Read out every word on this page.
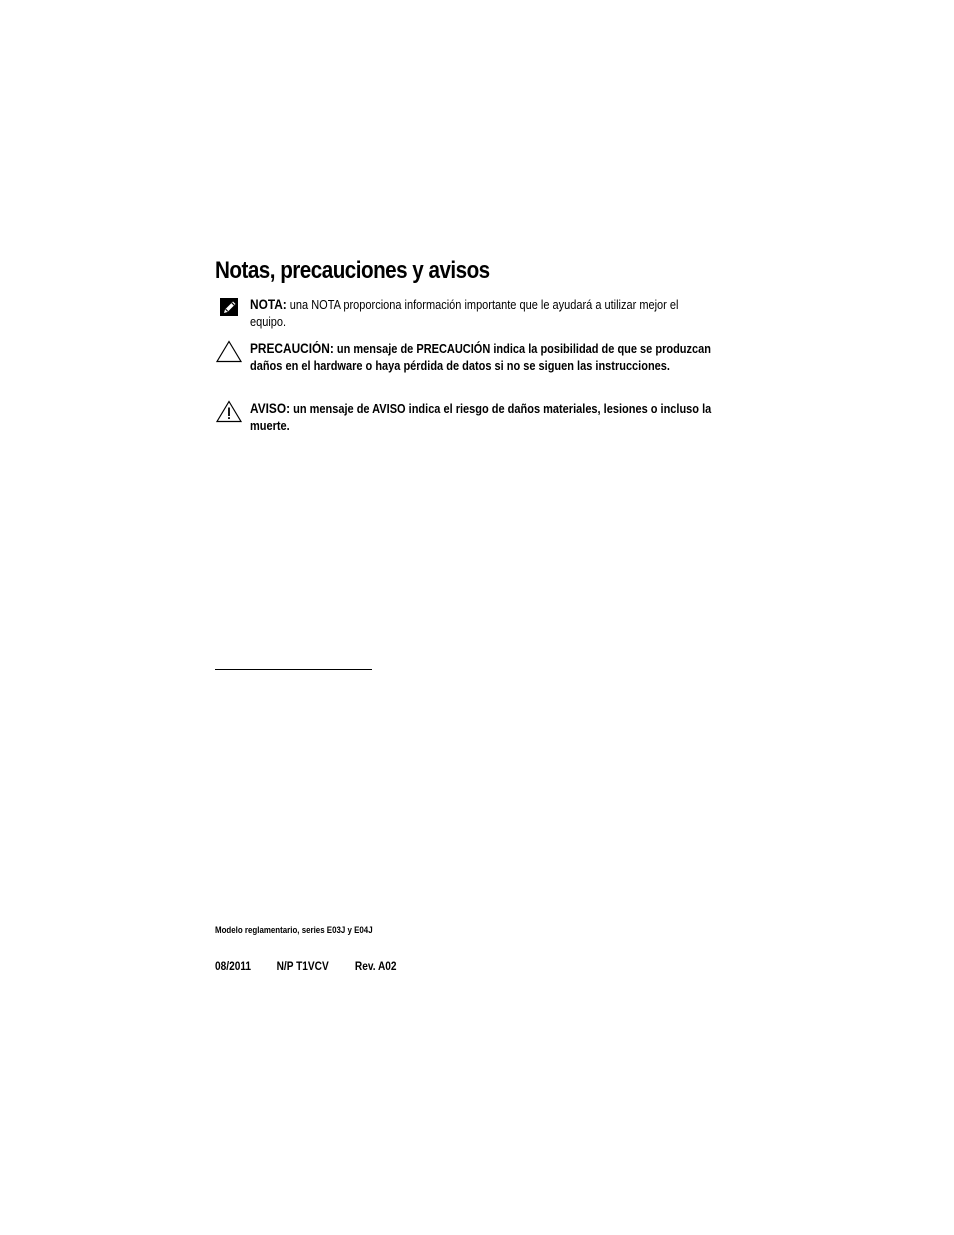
Notas, precauciones y avisos
NOTA: una NOTA proporciona información importante que le ayudará a utilizar mejor el equipo.
PRECAUCIÓN: un mensaje de PRECAUCIÓN indica la posibilidad de que se produzcan daños en el hardware o haya pérdida de datos si no se siguen las instrucciones.
AVISO: un mensaje de AVISO indica el riesgo de daños materiales, lesiones o incluso la muerte.
Modelo reglamentario, series E03J y E04J
08/2011 N/P T1VCV Rev. A02
